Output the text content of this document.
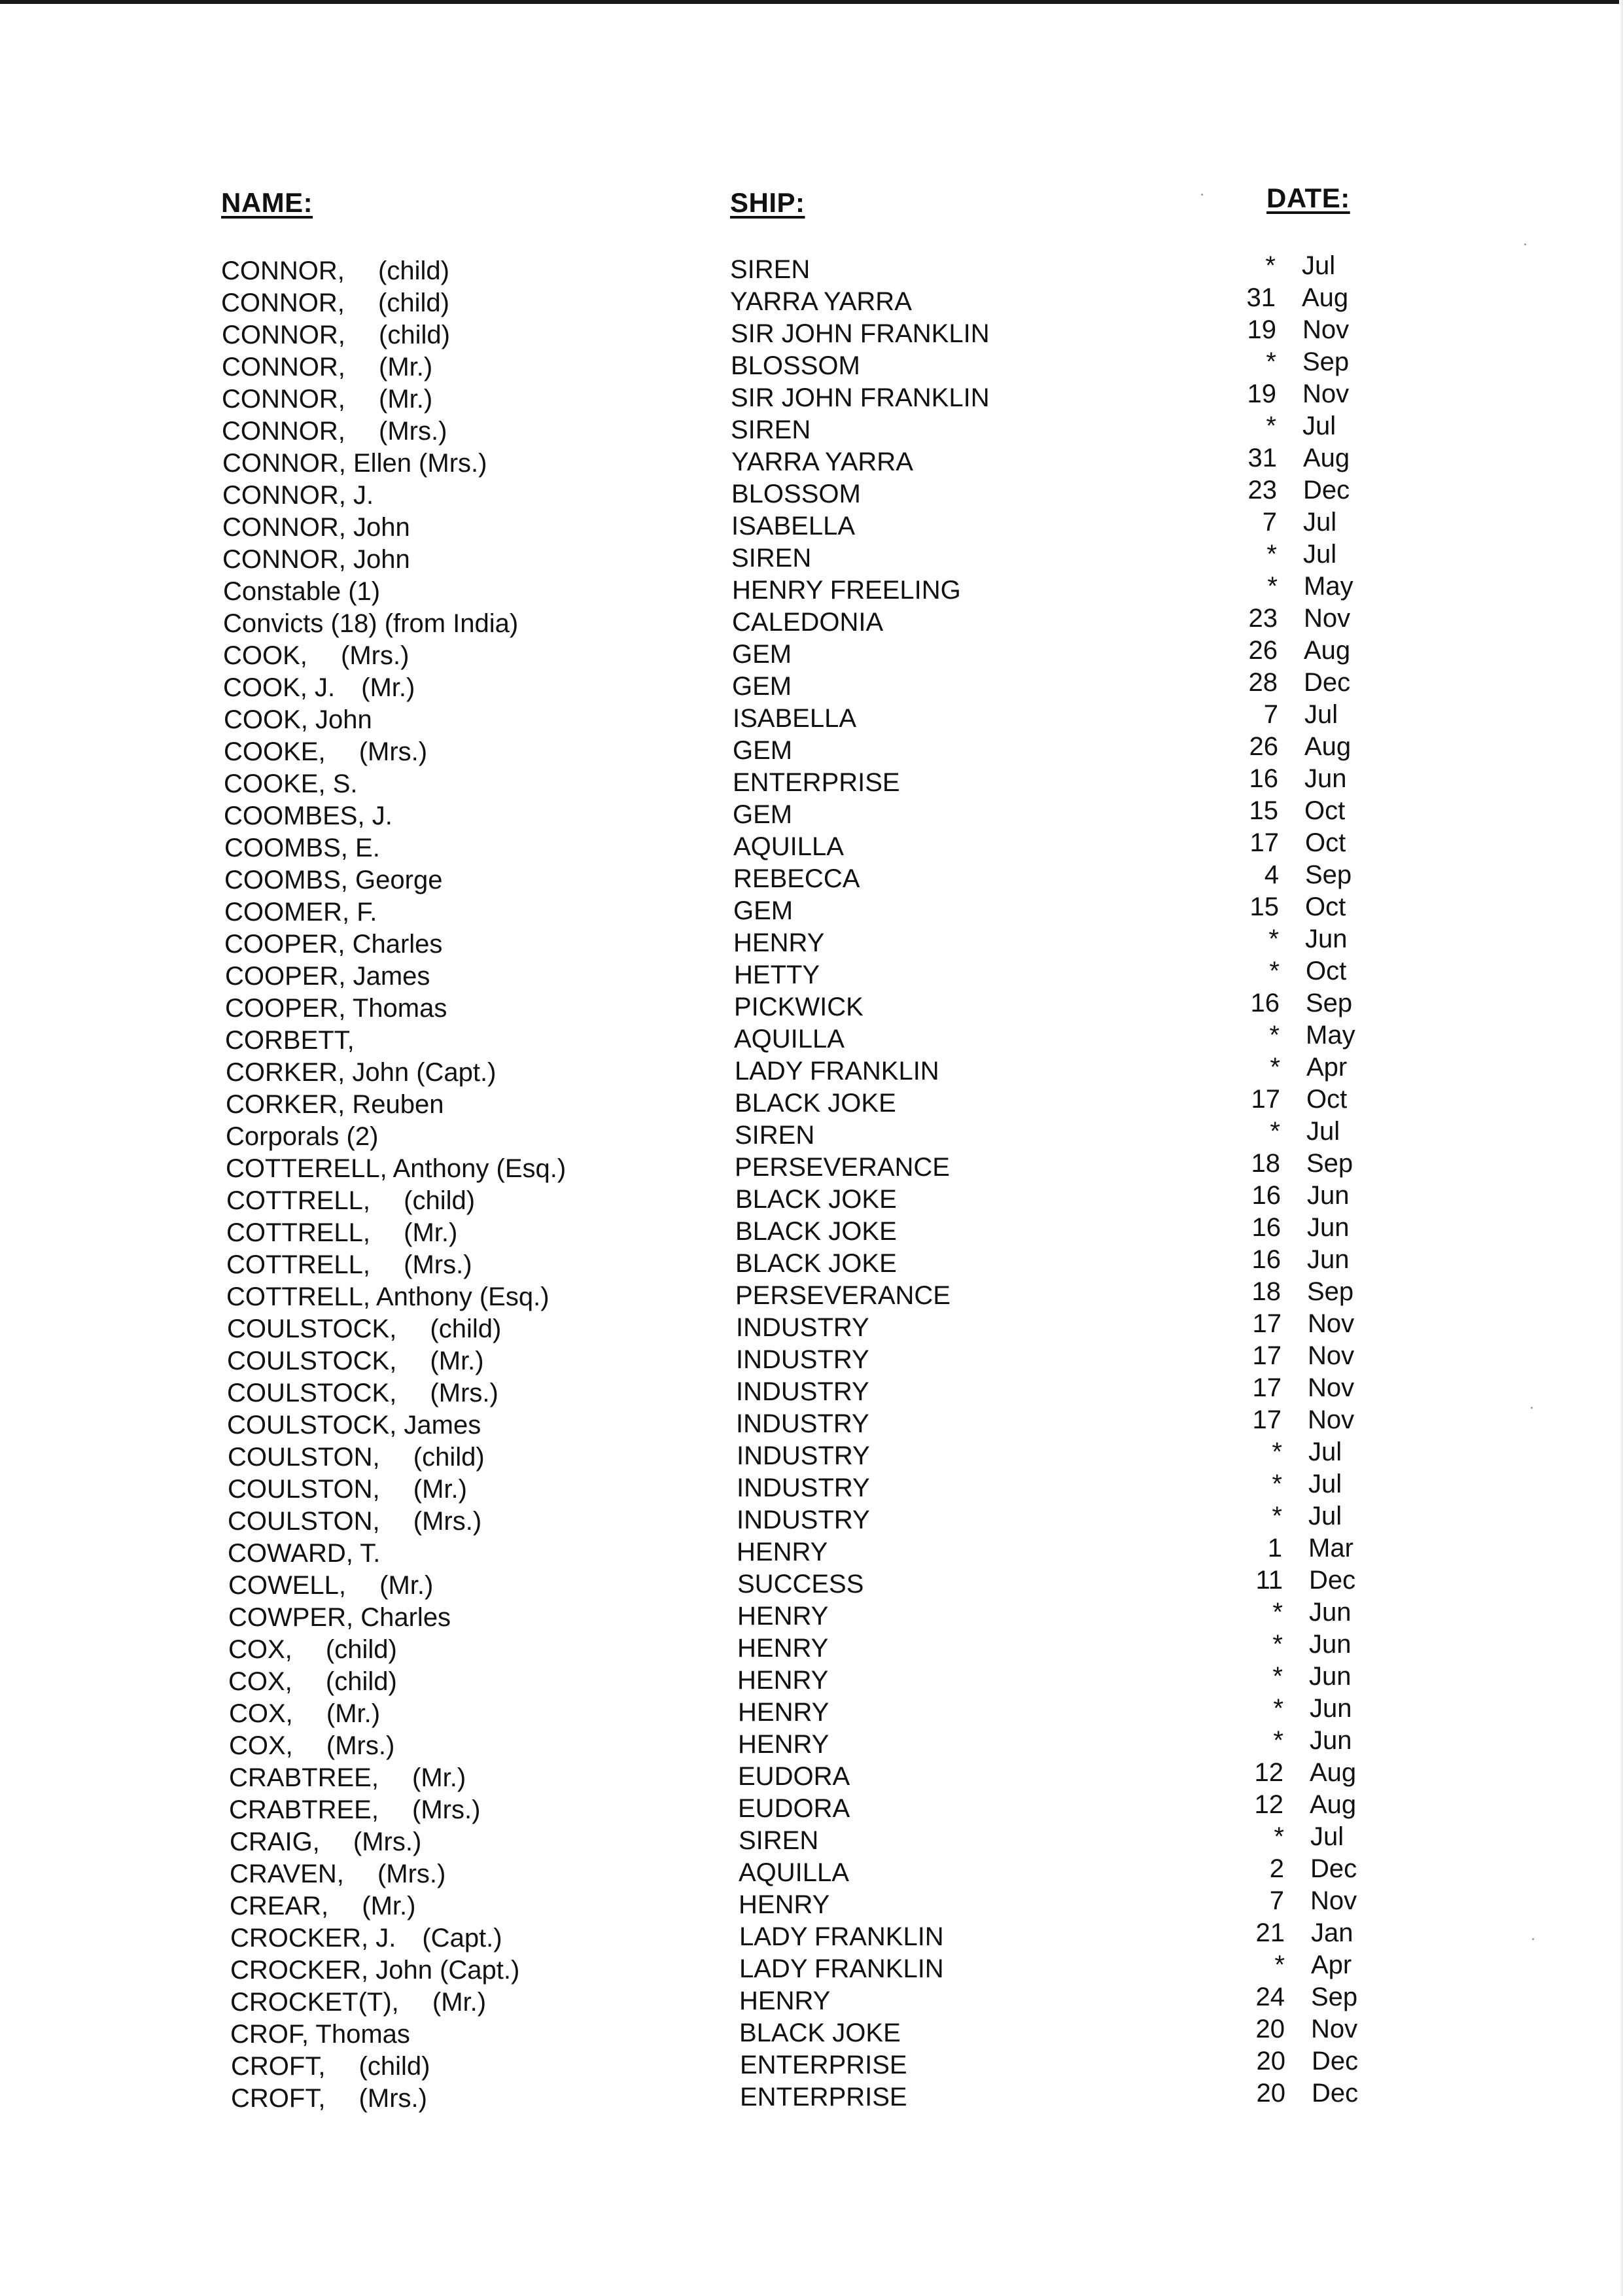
NAME:	SHIP:	DATE:
CONNOR,  (child)	SIREN	* Jul
CONNOR,  (child)	YARRA YARRA	31 Aug
CONNOR,  (child)	SIR JOHN FRANKLIN	19 Nov
CONNOR,  (Mr.)	BLOSSOM	* Sep
CONNOR,  (Mr.)	SIR JOHN FRANKLIN	19 Nov
CONNOR,  (Mrs.)	SIREN	* Jul
CONNOR, Ellen (Mrs.)	YARRA YARRA	31 Aug
CONNOR, J.	BLOSSOM	23 Dec
CONNOR, John	ISABELLA	7 Jul
CONNOR, John	SIREN	* Jul
Constable (1)	HENRY FREELING	* May
Convicts (18) (from India)	CALEDONIA	23 Nov
COOK,  (Mrs.)	GEM	26 Aug
COOK, J. (Mr.)	GEM	28 Dec
COOK, John	ISABELLA	7 Jul
COOKE,  (Mrs.)	GEM	26 Aug
COOKE, S.	ENTERPRISE	16 Jun
COOMBES, J.	GEM	15 Oct
COOMBS, E.	AQUILLA	17 Oct
COOMBS, George	REBECCA	4 Sep
COOMER, F.	GEM	15 Oct
COOPER, Charles	HENRY	* Jun
COOPER, James	HETTY	* Oct
COOPER, Thomas	PICKWICK	16 Sep
CORBETT,	AQUILLA	* May
CORKER, John (Capt.)	LADY FRANKLIN	* Apr
CORKER, Reuben	BLACK JOKE	17 Oct
Corporals (2)	SIREN	* Jul
COTTERELL, Anthony (Esq.)	PERSEVERANCE	18 Sep
COTTRELL,  (child)	BLACK JOKE	16 Jun
COTTRELL,  (Mr.)	BLACK JOKE	16 Jun
COTTRELL,  (Mrs.)	BLACK JOKE	16 Jun
COTTRELL, Anthony (Esq.)	PERSEVERANCE	18 Sep
COULSTOCK,  (child)	INDUSTRY	17 Nov
COULSTOCK,  (Mr.)	INDUSTRY	17 Nov
COULSTOCK,  (Mrs.)	INDUSTRY	17 Nov
COULSTOCK, James	INDUSTRY	17 Nov
COULSTON,  (child)	INDUSTRY	* Jul
COULSTON,  (Mr.)	INDUSTRY	* Jul
COULSTON,  (Mrs.)	INDUSTRY	* Jul
COWARD, T.	HENRY	1 Mar
COWELL,  (Mr.)	SUCCESS	11 Dec
COWPER, Charles	HENRY	* Jun
COX,  (child)	HENRY	* Jun
COX,  (child)	HENRY	* Jun
COX,  (Mr.)	HENRY	* Jun
COX,  (Mrs.)	HENRY	* Jun
CRABTREE,  (Mr.)	EUDORA	12 Aug
CRABTREE,  (Mrs.)	EUDORA	12 Aug
CRAIG,  (Mrs.)	SIREN	* Jul
CRAVEN,  (Mrs.)	AQUILLA	2 Dec
CREAR,  (Mr.)	HENRY	7 Nov
CROCKER, J. (Capt.)	LADY FRANKLIN	21 Jan
CROCKER, John (Capt.)	LADY FRANKLIN	* Apr
CROCKET(T),  (Mr.)	HENRY	24 Sep
CROF, Thomas	BLACK JOKE	20 Nov
CROFT,  (child)	ENTERPRISE	20 Dec
CROFT,  (Mrs.)	ENTERPRISE	20 Dec
